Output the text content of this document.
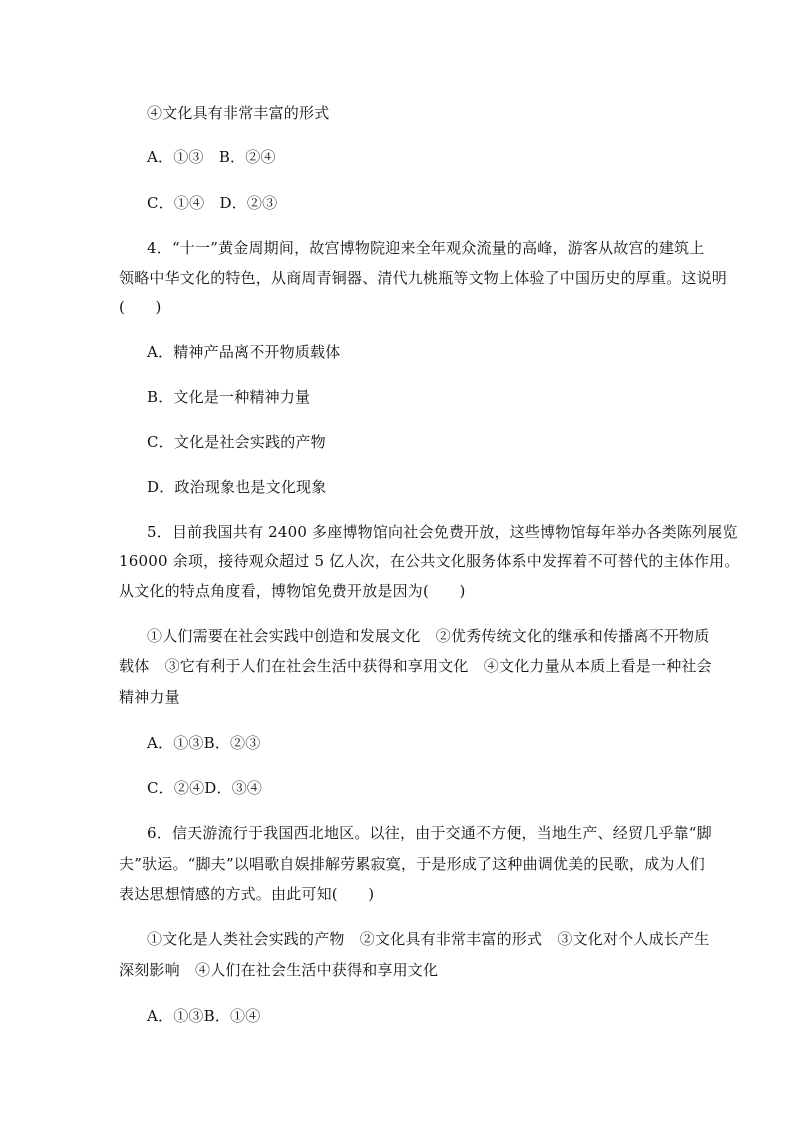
④文化具有非常丰富的形式
A．①③　B．②④
C．①④　D．②③
4．“十一”黄金周期间，故宫博物院迎来全年观众流量的高峰，游客从故宫的建筑上
领略中华文化的特色，从商周青铜器、清代九桃瓶等文物上体验了中国历史的厚重。这说明
(　　)
A．精神产品离不开物质载体
B．文化是一种精神力量
C．文化是社会实践的产物
D．政治现象也是文化现象
5．目前我国共有 2400 多座博物馆向社会免费开放，这些博物馆每年举办各类陈列展览
16000 余项，接待观众超过 5 亿人次，在公共文化服务体系中发挥着不可替代的主体作用。
从文化的特点角度看，博物馆免费开放是因为(　　)
①人们需要在社会实践中创造和发展文化　②优秀传统文化的继承和传播离不开物质
载体　③它有利于人们在社会生活中获得和享用文化　④文化力量从本质上看是一种社会
精神力量
A．①③B．②③
C．②④D．③④
6．信天游流行于我国西北地区。以往，由于交通不方便，当地生产、经贸几乎靠“脚
夫”驮运。“脚夫”以唱歌自娱排解劳累寂寞，于是形成了这种曲调优美的民歌，成为人们
表达思想情感的方式。由此可知(　　)
①文化是人类社会实践的产物　②文化具有非常丰富的形式　③文化对个人成长产生
深刻影响　④人们在社会生活中获得和享用文化
A．①③B．①④
